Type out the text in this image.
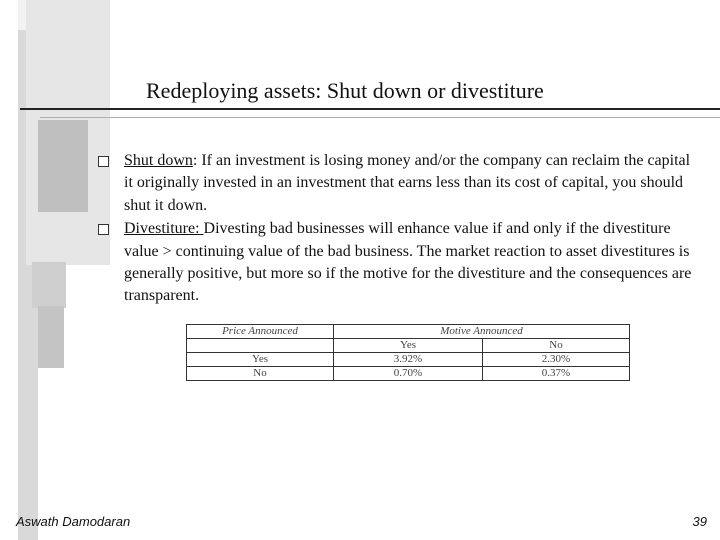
Redeploying assets: Shut down or divestiture
Shut down: If an investment is losing money and/or the company can reclaim the capital it originally invested in an investment that earns less than its cost of capital, you should shut it down.
Divestiture: Divesting bad businesses will enhance value if and only if the divestiture value > continuing value of the bad business. The market reaction to asset divestitures is generally positive, but more so if the motive for the divestiture and the consequences are transparent.
Price Announced	Motive Announced	
	Yes	No
Yes	3.92%	2.30%
No	0.70%	0.37%
Aswath Damodaran	39
